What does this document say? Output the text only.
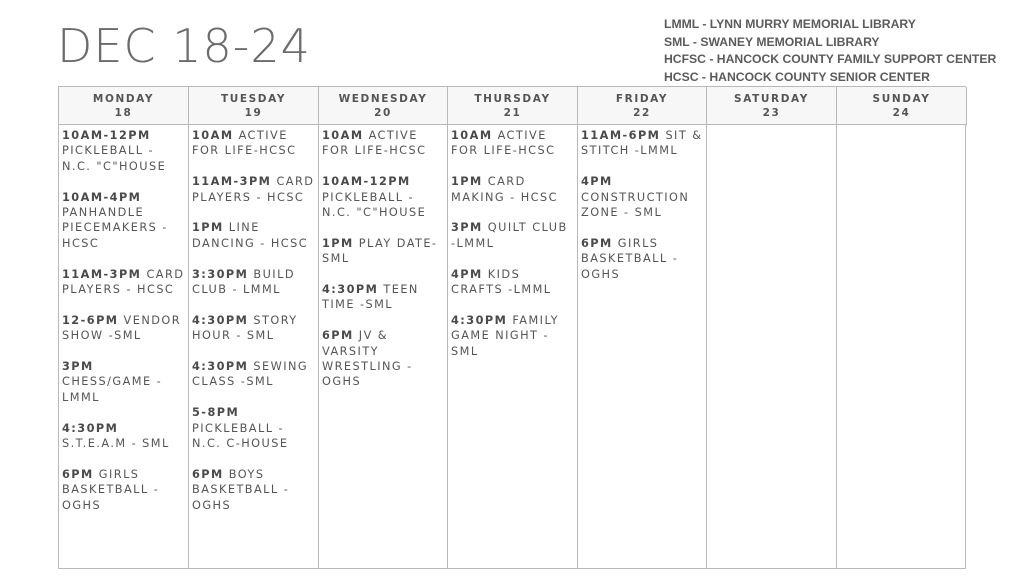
DEC 18-24	LMML - LYNN MURRY MEMORIAL LIBRARY
SML - SWANEY MEMORIAL LIBRARY
HCFSC - HANCOCK COUNTY FAMILY SUPPORT CENTER
HCSC - HANCOCK COUNTY SENIOR CENTER
MONDAY
18
TUESDAY
19
WEDNESDAY
20
THURSDAY
21
FRIDAY
22
SATURDAY
23
SUNDAY
24
10AM-12PM PICKLEBALL - N.C. "C"HOUSE
10AM-4PM PANHANDLE PIECEMAKERS - HCSC
11AM-3PM CARD PLAYERS - HCSC
12-6PM VENDOR SHOW -SML
3PM CHESS/GAME - LMML
4:30PM S.T.E.A.M - SML
6PM GIRLS BASKETBALL - OGHS
10AM ACTIVE FOR LIFE-HCSC
11AM-3PM CARD PLAYERS - HCSC
1PM LINE DANCING - HCSC
3:30PM BUILD CLUB - LMML
4:30PM STORY HOUR - SML
4:30PM SEWING CLASS -SML
5-8PM PICKLEBALL - N.C. C-HOUSE
6PM BOYS BASKETBALL - OGHS
10AM ACTIVE FOR LIFE-HCSC
10AM-12PM PICKLEBALL - N.C. "C"HOUSE
1PM PLAY DATE- SML
4:30PM TEEN TIME -SML
6PM JV & VARSITY WRESTLING - OGHS
10AM ACTIVE FOR LIFE-HCSC
1PM CARD MAKING - HCSC
3PM QUILT CLUB -LMML
4PM KIDS CRAFTS -LMML
4:30PM FAMILY GAME NIGHT - SML
11AM-6PM SIT & STITCH -LMML
4PM CONSTRUCTION ZONE - SML
6PM GIRLS BASKETBALL - OGHS
